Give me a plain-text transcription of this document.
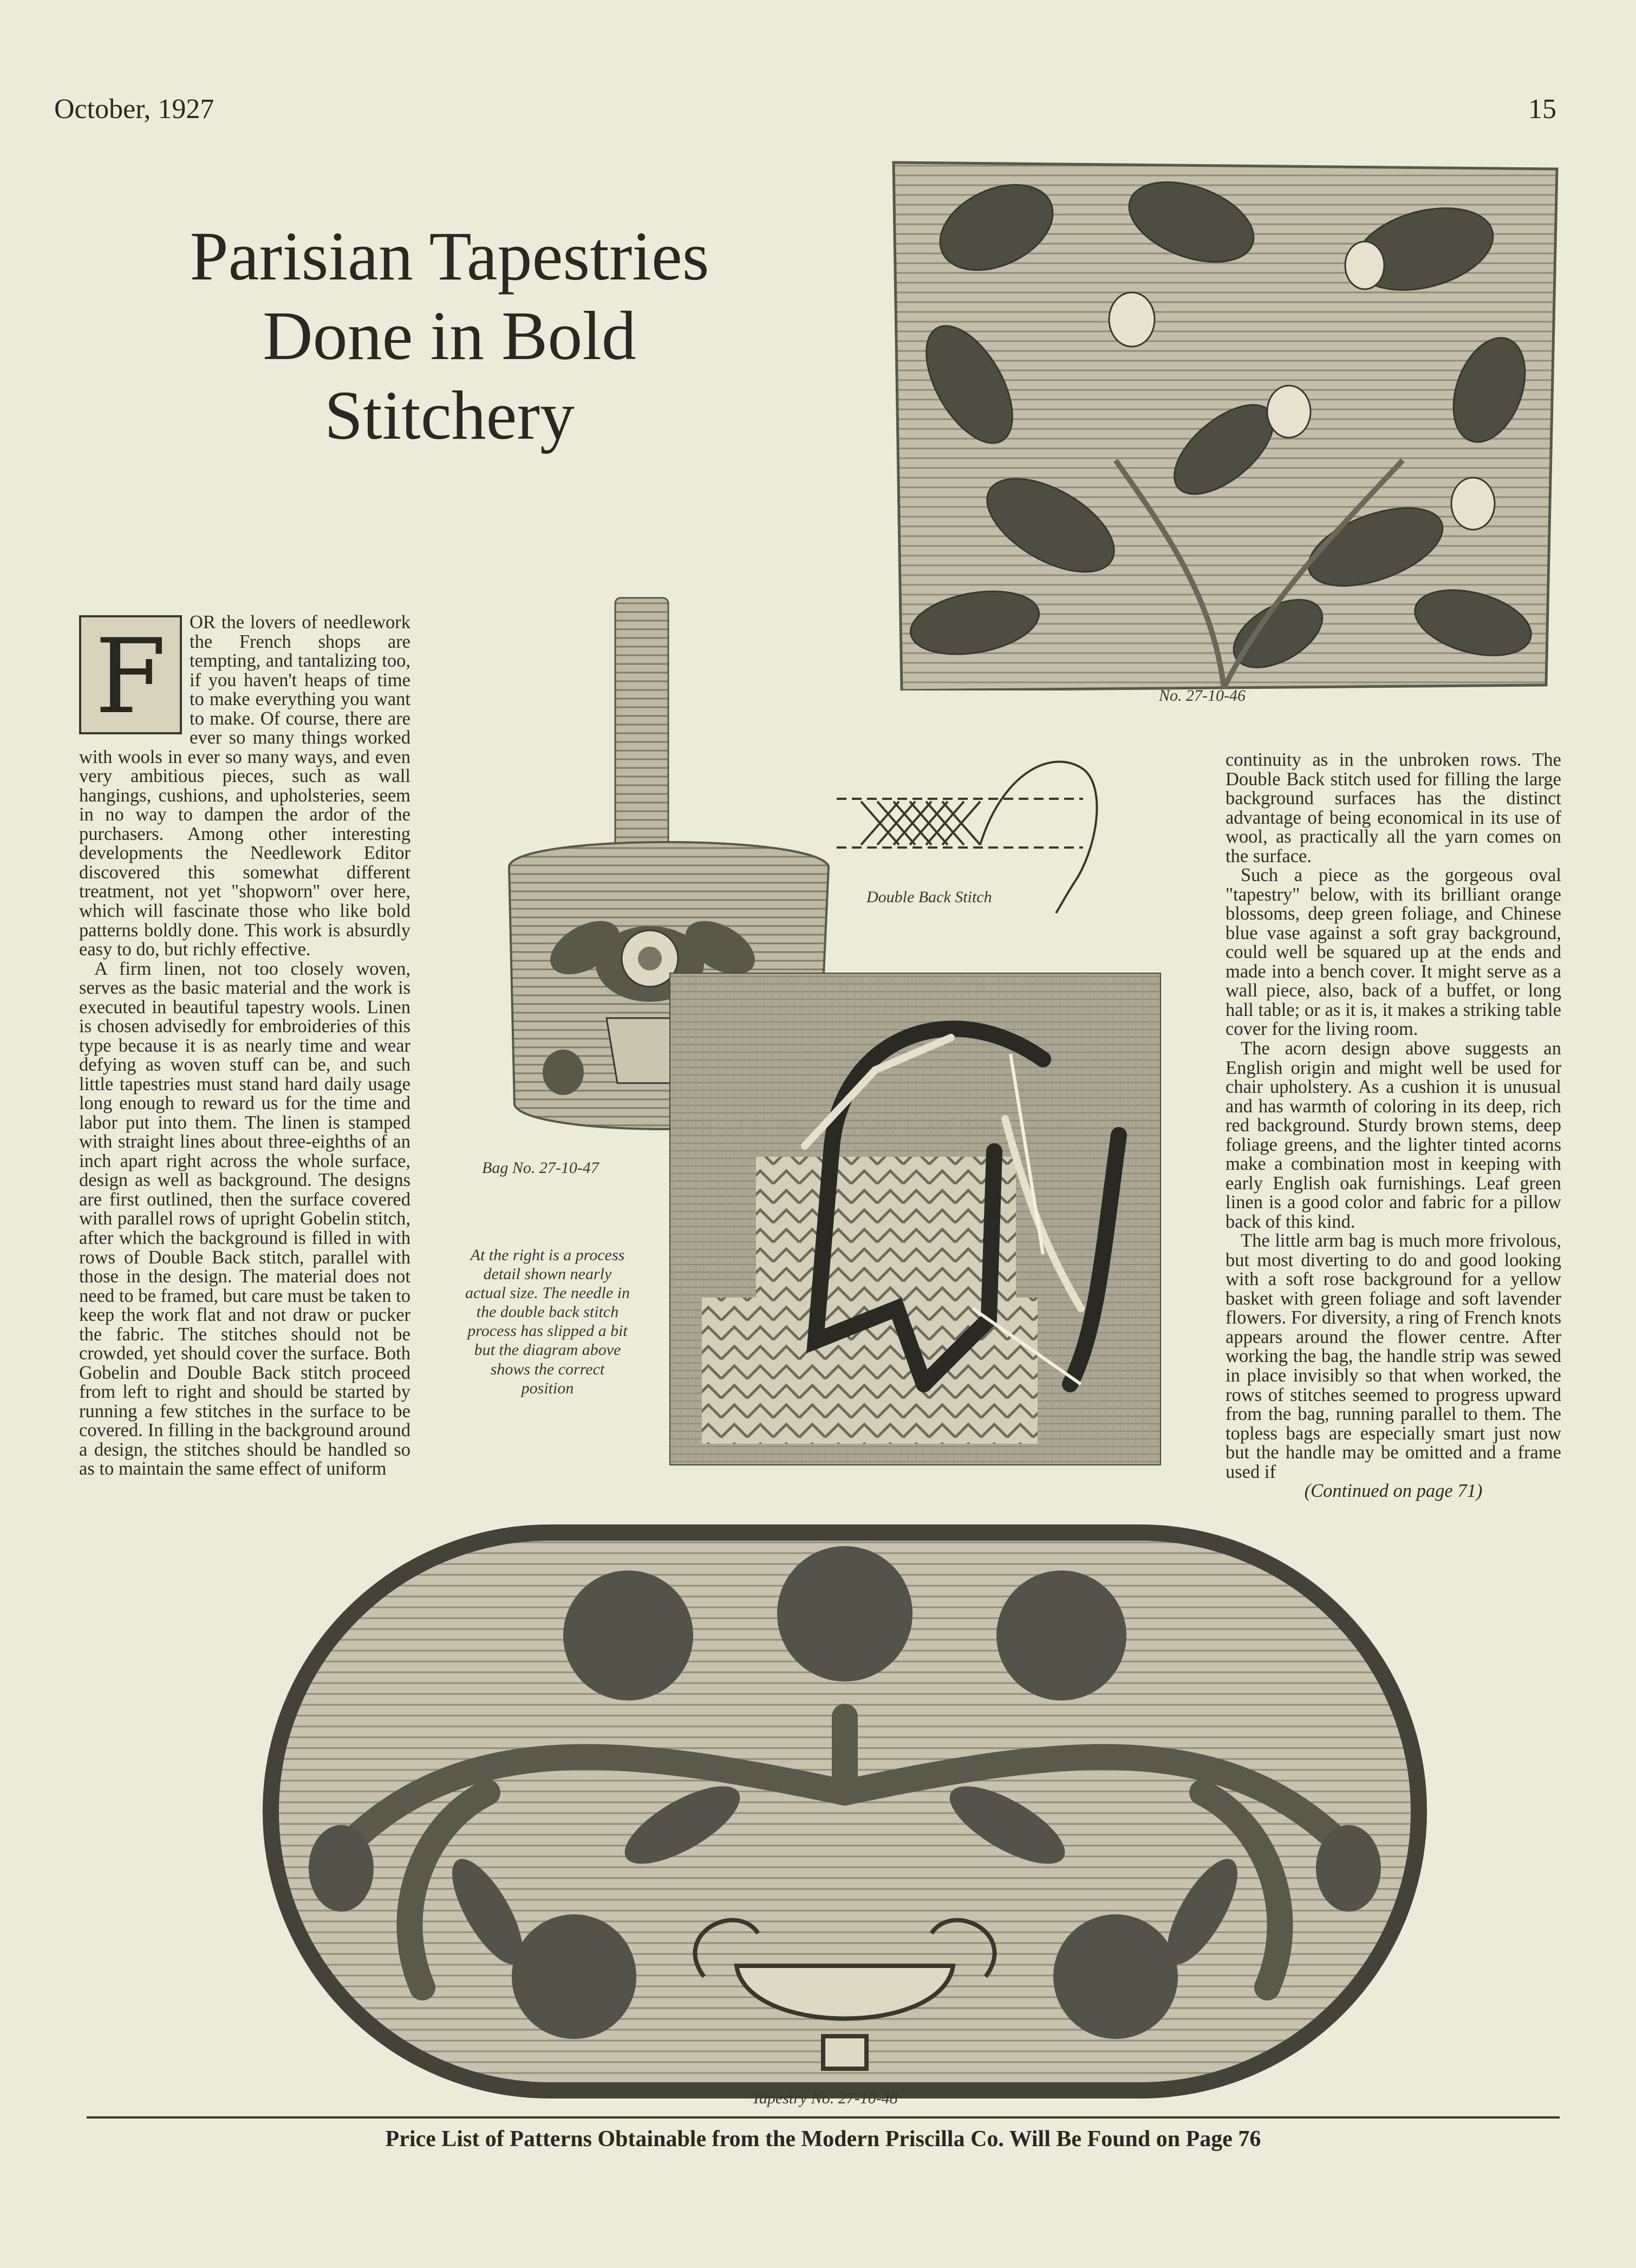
October, 1927	15
Parisian Tapestries
Done in Bold
Stitchery
F	OR the lovers of needlework the French shops are tempting, and tantalizing too, if you haven't heaps of time to make everything you want to make. Of course, there are ever so many things worked with wools in ever so many ways, and even very ambitious pieces, such as wall hangings, cushions, and upholsteries, seem in no way to dampen the ardor of the purchasers. Among other interesting developments the Needlework Editor discovered this somewhat different treatment, not yet "shopworn" over here, which will fascinate those who like bold patterns boldly done. This work is absurdly easy to do, but richly effective.

A firm linen, not too closely woven, serves as the basic material and the work is executed in beautiful tapestry wools. Linen is chosen advisedly for embroideries of this type because it is as nearly time and wear defying as woven stuff can be, and such little tapestries must stand hard daily usage long enough to reward us for the time and labor put into them. The linen is stamped with straight lines about three-eighths of an inch apart right across the whole surface, design as well as background. The designs are first outlined, then the surface covered with parallel rows of upright Gobelin stitch, after which the background is filled in with rows of Double Back stitch, parallel with those in the design. The material does not need to be framed, but care must be taken to keep the work flat and not draw or pucker the fabric. The stitches should not be crowded, yet should cover the surface. Both Gobelin and Double Back stitch proceed from left to right and should be started by running a few stitches in the surface to be covered. In filling in the background around a design, the stitches should be handled so as to maintain the same effect of uniform

No. 27-10-46
Bag No. 27-10-47
Double Back Stitch
At the right is a process detail shown nearly actual size. The needle in the double back stitch process has slipped a bit but the diagram above shows the correct position

continuity as in the unbroken rows. The Double Back stitch used for filling the large background surfaces has the distinct advantage of being economical in its use of wool, as practically all the yarn comes on the surface.

Such a piece as the gorgeous oval "tapestry" below, with its brilliant orange blossoms, deep green foliage, and Chinese blue vase against a soft gray background, could well be squared up at the ends and made into a bench cover. It might serve as a wall piece, also, back of a buffet, or long hall table; or as it is, it makes a striking table cover for the living room.

The acorn design above suggests an English origin and might well be used for chair upholstery. As a cushion it is unusual and has warmth of coloring in its deep, rich red background. Sturdy brown stems, deep foliage greens, and the lighter tinted acorns make a combination most in keeping with early English oak furnishings. Leaf green linen is a good color and fabric for a pillow back of this kind.

The little arm bag is much more frivolous, but most diverting to do and good looking with a soft rose background for a yellow basket with green foliage and soft lavender flowers. For diversity, a ring of French knots appears around the flower centre. After working the bag, the handle strip was sewed in place invisibly so that when worked, the rows of stitches seemed to progress upward from the bag, running parallel to them. The topless bags are especially smart just now but the handle may be omitted and a frame used if

(Continued on page 71)
Tapestry No. 27-10-48
Price List of Patterns Obtainable from the Modern Priscilla Co. Will Be Found on Page 76
